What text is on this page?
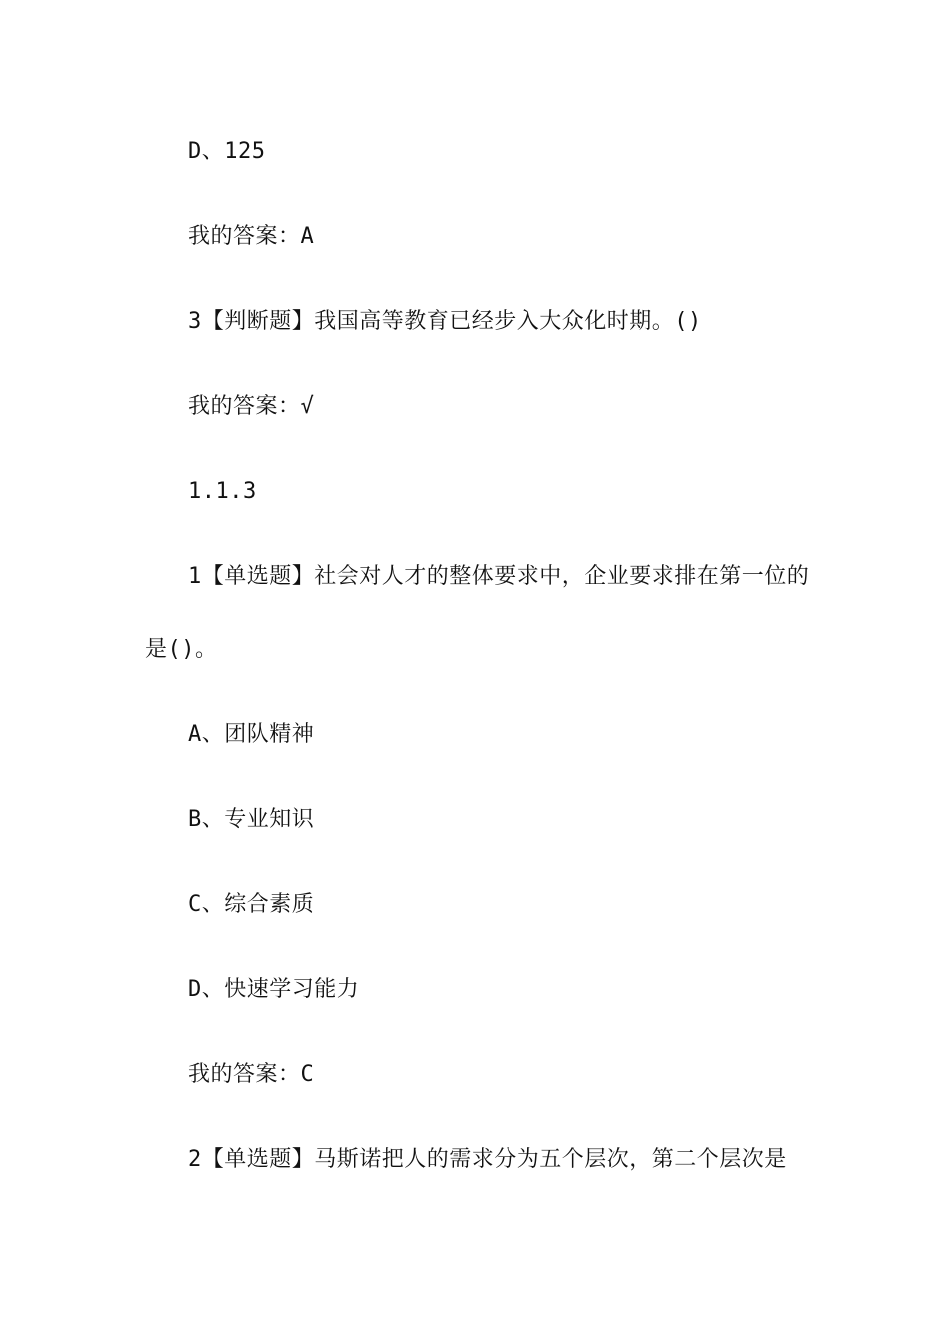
D、125

我的答案：A

3【判断题】我国高等教育已经步入大众化时期。()

我的答案：√

1.1.3

1【单选题】社会对人才的整体要求中，企业要求排在第一位的

是()。

A、团队精神

B、专业知识

C、综合素质

D、快速学习能力

我的答案：C

2【单选题】马斯诺把人的需求分为五个层次，第二个层次是
